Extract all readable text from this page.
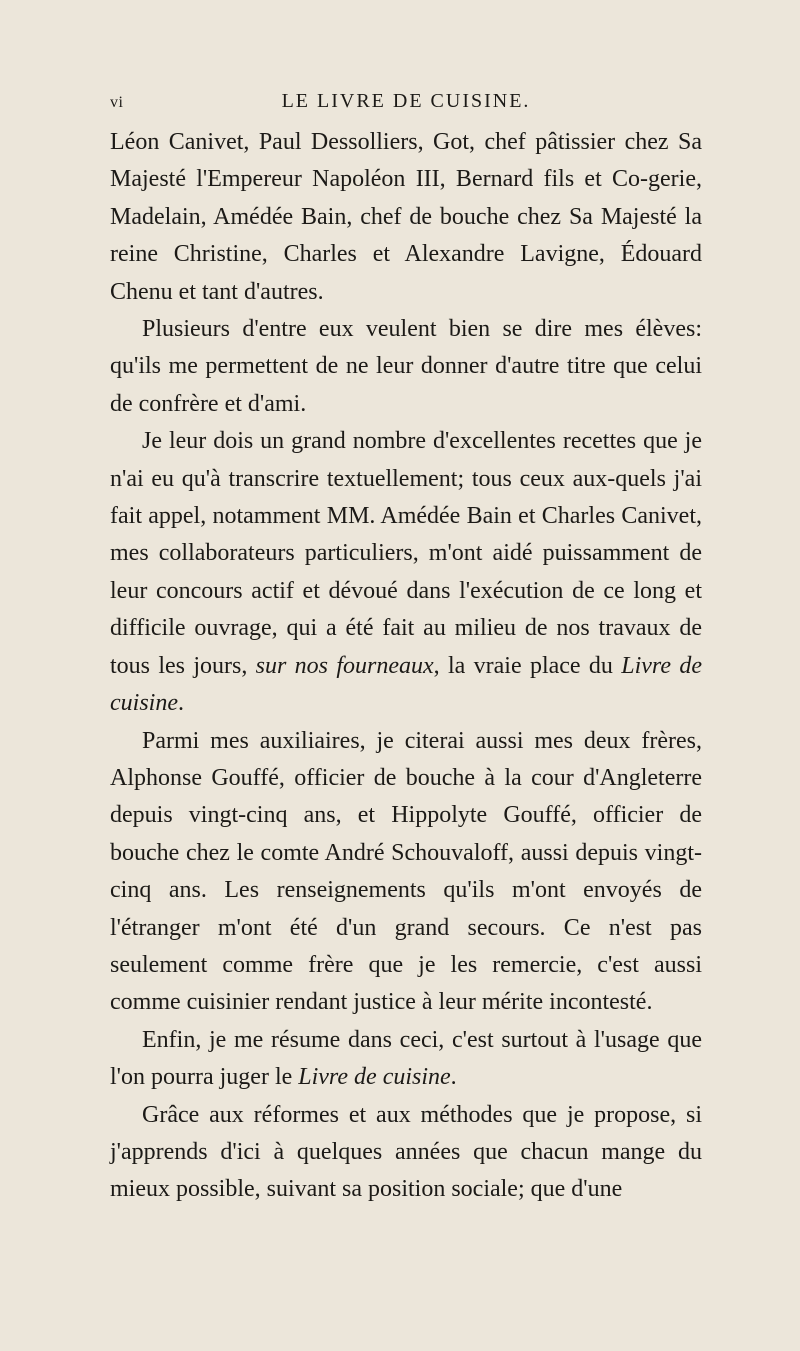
vi	LE LIVRE DE CUISINE.

Léon Canivet, Paul Dessolliers, Got, chef pâtissier chez Sa Majesté l'Empereur Napoléon III, Bernard fils et Co-gerie, Madelain, Amédée Bain, chef de bouche chez Sa Majesté la reine Christine, Charles et Alexandre Lavigne, Édouard Chenu et tant d'autres.

Plusieurs d'entre eux veulent bien se dire mes élèves: qu'ils me permettent de ne leur donner d'autre titre que celui de confrère et d'ami.

Je leur dois un grand nombre d'excellentes recettes que je n'ai eu qu'à transcrire textuellement; tous ceux aux-quels j'ai fait appel, notamment MM. Amédée Bain et Charles Canivet, mes collaborateurs particuliers, m'ont aidé puissamment de leur concours actif et dévoué dans l'exécution de ce long et difficile ouvrage, qui a été fait au milieu de nos travaux de tous les jours, sur nos fourneaux, la vraie place du Livre de cuisine.

Parmi mes auxiliaires, je citerai aussi mes deux frères, Alphonse Gouffé, officier de bouche à la cour d'Angleterre depuis vingt-cinq ans, et Hippolyte Gouffé, officier de bouche chez le comte André Schouvaloff, aussi depuis vingt-cinq ans. Les renseignements qu'ils m'ont envoyés de l'étranger m'ont été d'un grand secours. Ce n'est pas seulement comme frère que je les remercie, c'est aussi comme cuisinier rendant justice à leur mérite incontesté.

Enfin, je me résume dans ceci, c'est surtout à l'usage que l'on pourra juger le Livre de cuisine.

Grâce aux réformes et aux méthodes que je propose, si j'apprends d'ici à quelques années que chacun mange du mieux possible, suivant sa position sociale; que d'une
